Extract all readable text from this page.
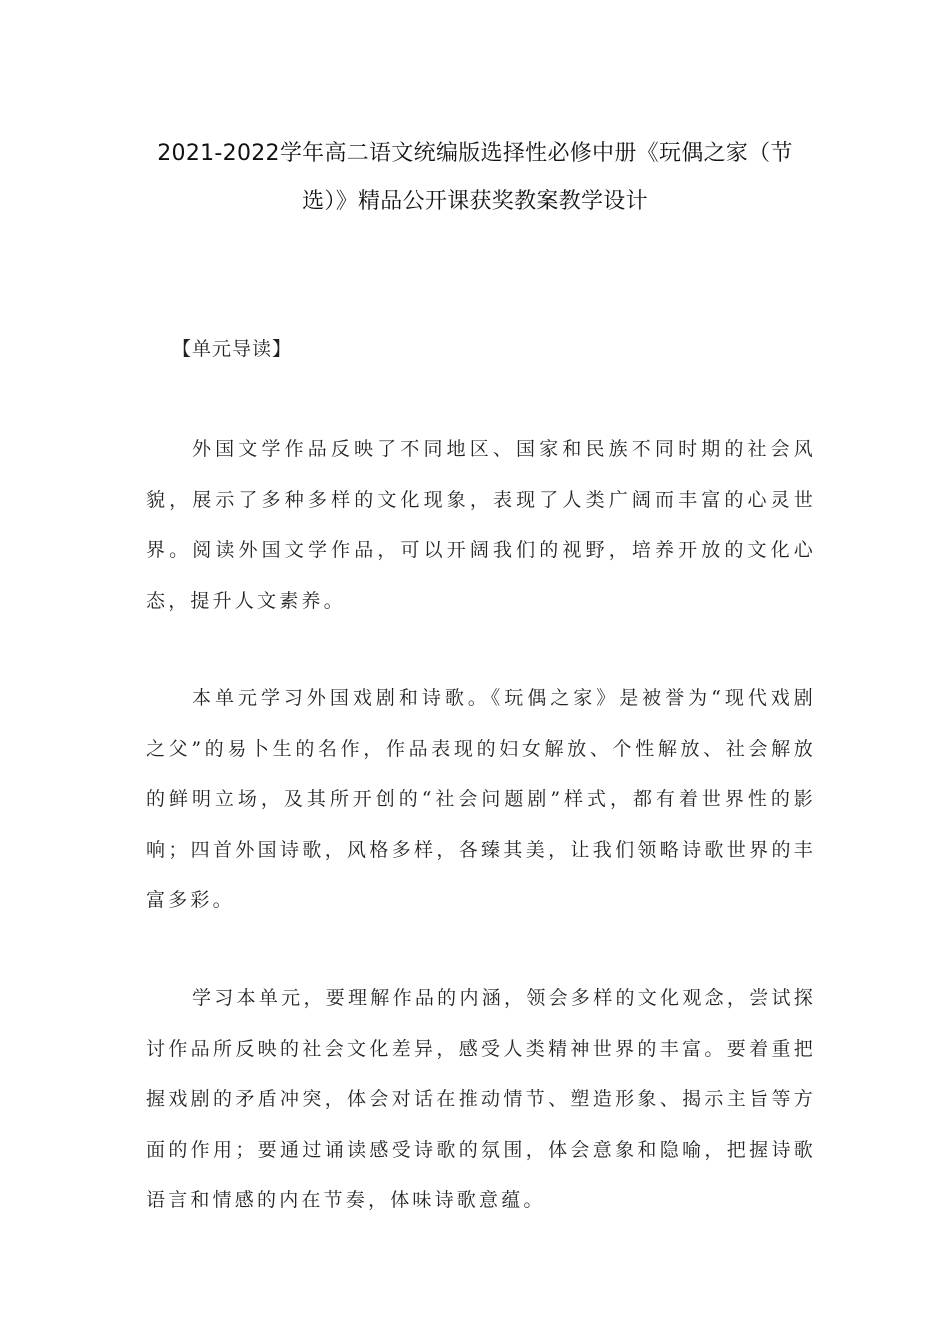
2021-2022学年高二语文统编版选择性必修中册《玩偶之家（节
选）》精品公开课获奖教案教学设计
【单元导读】

外国文学作品反映了不同地区、国家和民族不同时期的社会风貌，展示了多种多样的文化现象，表现了人类广阔而丰富的心灵世界。阅读外国文学作品，可以开阔我们的视野，培养开放的文化心态，提升人文素养。

本单元学习外国戏剧和诗歌。《玩偶之家》是被誉为“现代戏剧之父”的易卜生的名作，作品表现的妇女解放、个性解放、社会解放的鲜明立场，及其所开创的“社会问题剧”样式，都有着世界性的影响；四首外国诗歌，风格多样，各臻其美，让我们领略诗歌世界的丰富多彩。

学习本单元，要理解作品的内涵，领会多样的文化观念，尝试探讨作品所反映的社会文化差异，感受人类精神世界的丰富。要着重把握戏剧的矛盾冲突，体会对话在推动情节、塑造形象、揭示主旨等方面的作用；要通过诵读感受诗歌的氛围，体会意象和隐喻，把握诗歌语言和情感的内在节奏，体味诗歌意蕴。
